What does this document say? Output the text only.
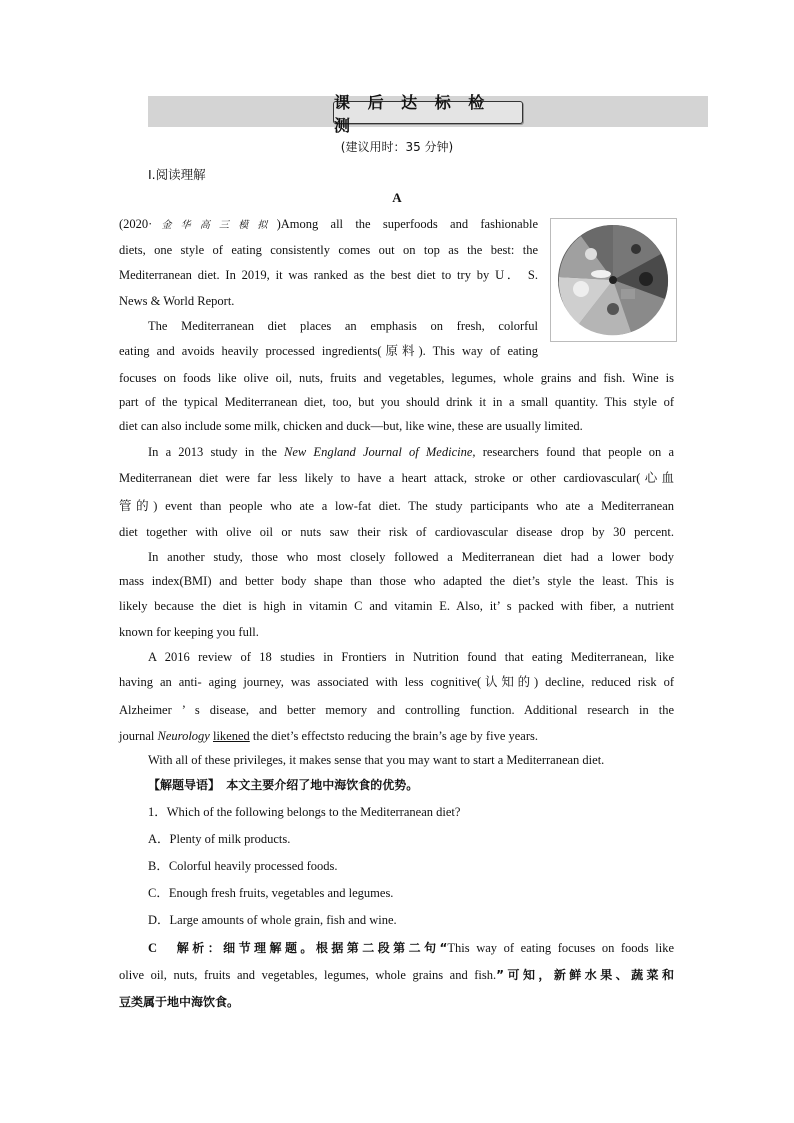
课 后 达 标 检 测
(建议用时：35 分钟)
Ⅰ.阅读理解
A
(2020·金华高三模拟)Among all the superfoods and fashionable
diets, one style of eating consistently comes out on top as the best: the
Mediterranean diet. In 2019, it was ranked as the best diet to try by U． S.
News & World Report.
The Mediterranean diet places an emphasis on fresh, colorful
eating and avoids heavily processed ingredients(原料). This way of eating
focuses on foods like olive oil, nuts, fruits and vegetables, legumes, whole grains and fish. Wine is
part of the typical Mediterranean diet, too, but you should drink it in a small quantity. This style of
diet can also include some milk, chicken and duck—but, like wine, these are usually limited.
In a 2013 study in the New England Journal of Medicine, researchers found that people on a
Mediterranean diet were far less likely to have a heart attack, stroke or other cardiovascular(心血
管的) event than people who ate a low-fat diet. The study participants who ate a Mediterranean
diet together with olive oil or nuts saw their risk of cardiovascular disease drop by 30 percent.
In another study, those who most closely followed a Mediterranean diet had a lower body
mass index(BMI) and better body shape than those who adapted the diet’s style the least. This is
likely because the diet is high in vitamin C and vitamin E. Also, it’ s packed with fiber, a nutrient
known for keeping you full.
A 2016 review of 18 studies in Frontiers in Nutrition found that eating Mediterranean, like
having an anti- aging journey, was associated with less cognitive(认知的) decline, reduced risk of
Alzheimer ’ s disease, and better memory and controlling function. Additional research in the
journal Neurology likened the diet’s effectsto reducing the brain’s age by five years.
With all of these privileges, it makes sense that you may want to start a Mediterranean diet.
【解题导语】 本文主要介绍了地中海饮食的优势。
1．Which of the following belongs to the Mediterranean diet?
A．Plenty of milk products.
B．Colorful heavily processed foods.
C．Enough fresh fruits, vegetables and legumes.
D．Large amounts of whole grain, fish and wine.
C 解析：细节理解题。根据第二段第二句“This way of eating focuses on foods like
olive oil, nuts, fruits and vegetables, legumes, whole grains and fish.”可知，新鲜水果、蔬菜和
豆类属于地中海饮食。
